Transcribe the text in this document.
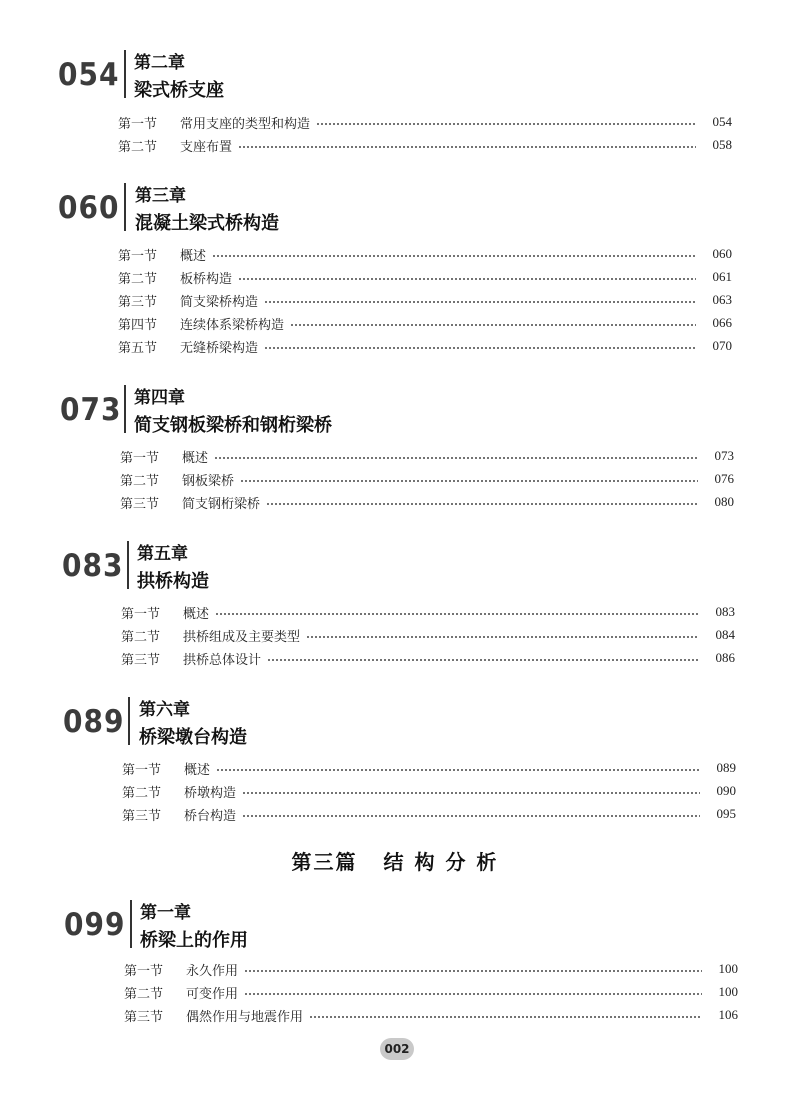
054 第二章
梁式桥支座
第一节	常用支座的类型和构造	054
第二节	支座布置	058
060 第三章
混凝土梁式桥构造
第一节	概述	060
第二节	板桥构造	061
第三节	简支梁桥构造	063
第四节	连续体系梁桥构造	066
第五节	无缝桥梁构造	070
073 第四章
简支钢板梁桥和钢桁梁桥
第一节	概述	073
第二节	钢板梁桥	076
第三节	简支钢桁梁桥	080
083 第五章
拱桥构造
第一节	概述	083
第二节	拱桥组成及主要类型	084
第三节	拱桥总体设计	086
089 第六章
桥梁墩台构造
第一节	概述	089
第二节	桥墩构造	090
第三节	桥台构造	095
第三篇 结 构 分 析
099 第一章
桥梁上的作用
第一节	永久作用	100
第二节	可变作用	100
第三节	偶然作用与地震作用	106
002
